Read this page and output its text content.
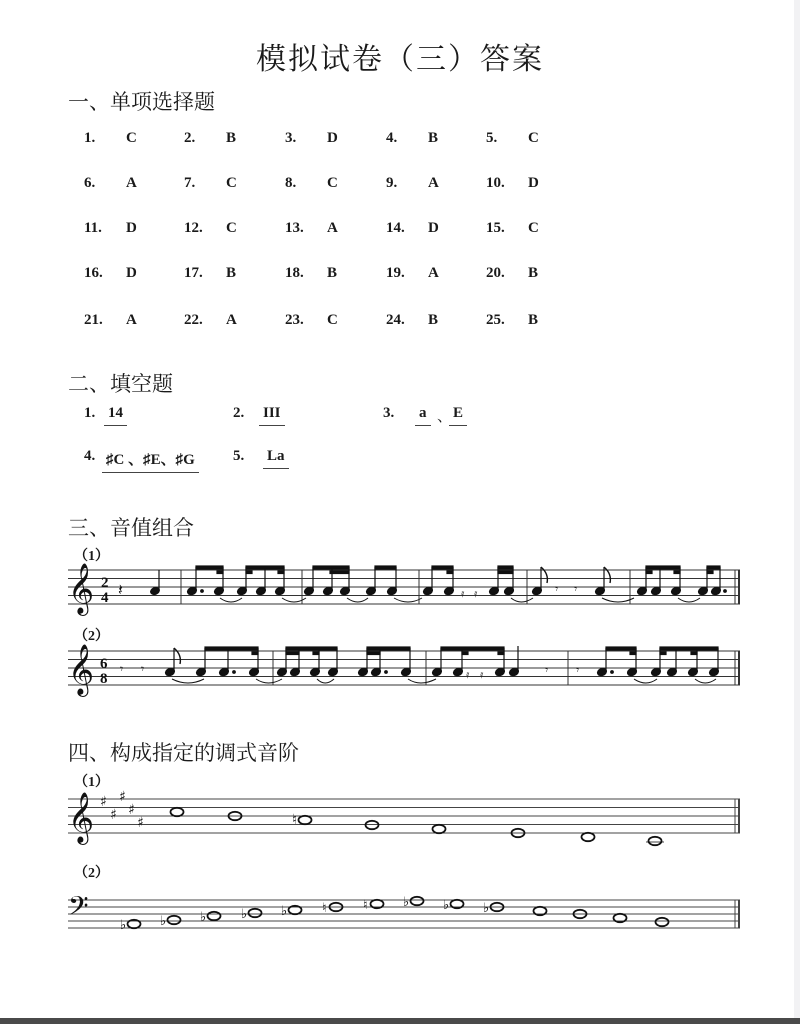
模拟试卷（三）答案
一、单项选择题
1. C	2. B	3. D	4. B	5. C
6. A	7. C	8. C	9. A	10. D
11. D	12. C	13. A	14. D	15. C
16. D	17. B	18. B	19. A	20. B
21. A	22. A	23. C	24. B	25. B
二、填空题
1. 14	2. III	3. a 、 E
4. ♯C 、♯E、♯G	5. La
三、音值组合
（1）
（2）
四、构成指定的调式音阶
（1）
（2）
𝄞 2
4 𝄽	𝄿 𝄿	𝄾 𝄾
𝄞 6
8
𝄾 𝄾	𝄿 𝄿	𝄾 𝄾
𝄞 ♯
♯
♯
♯
♯	♮
𝄢 ♭	♭	♭	♭	♭	♮	♮	♭	♭	♭
